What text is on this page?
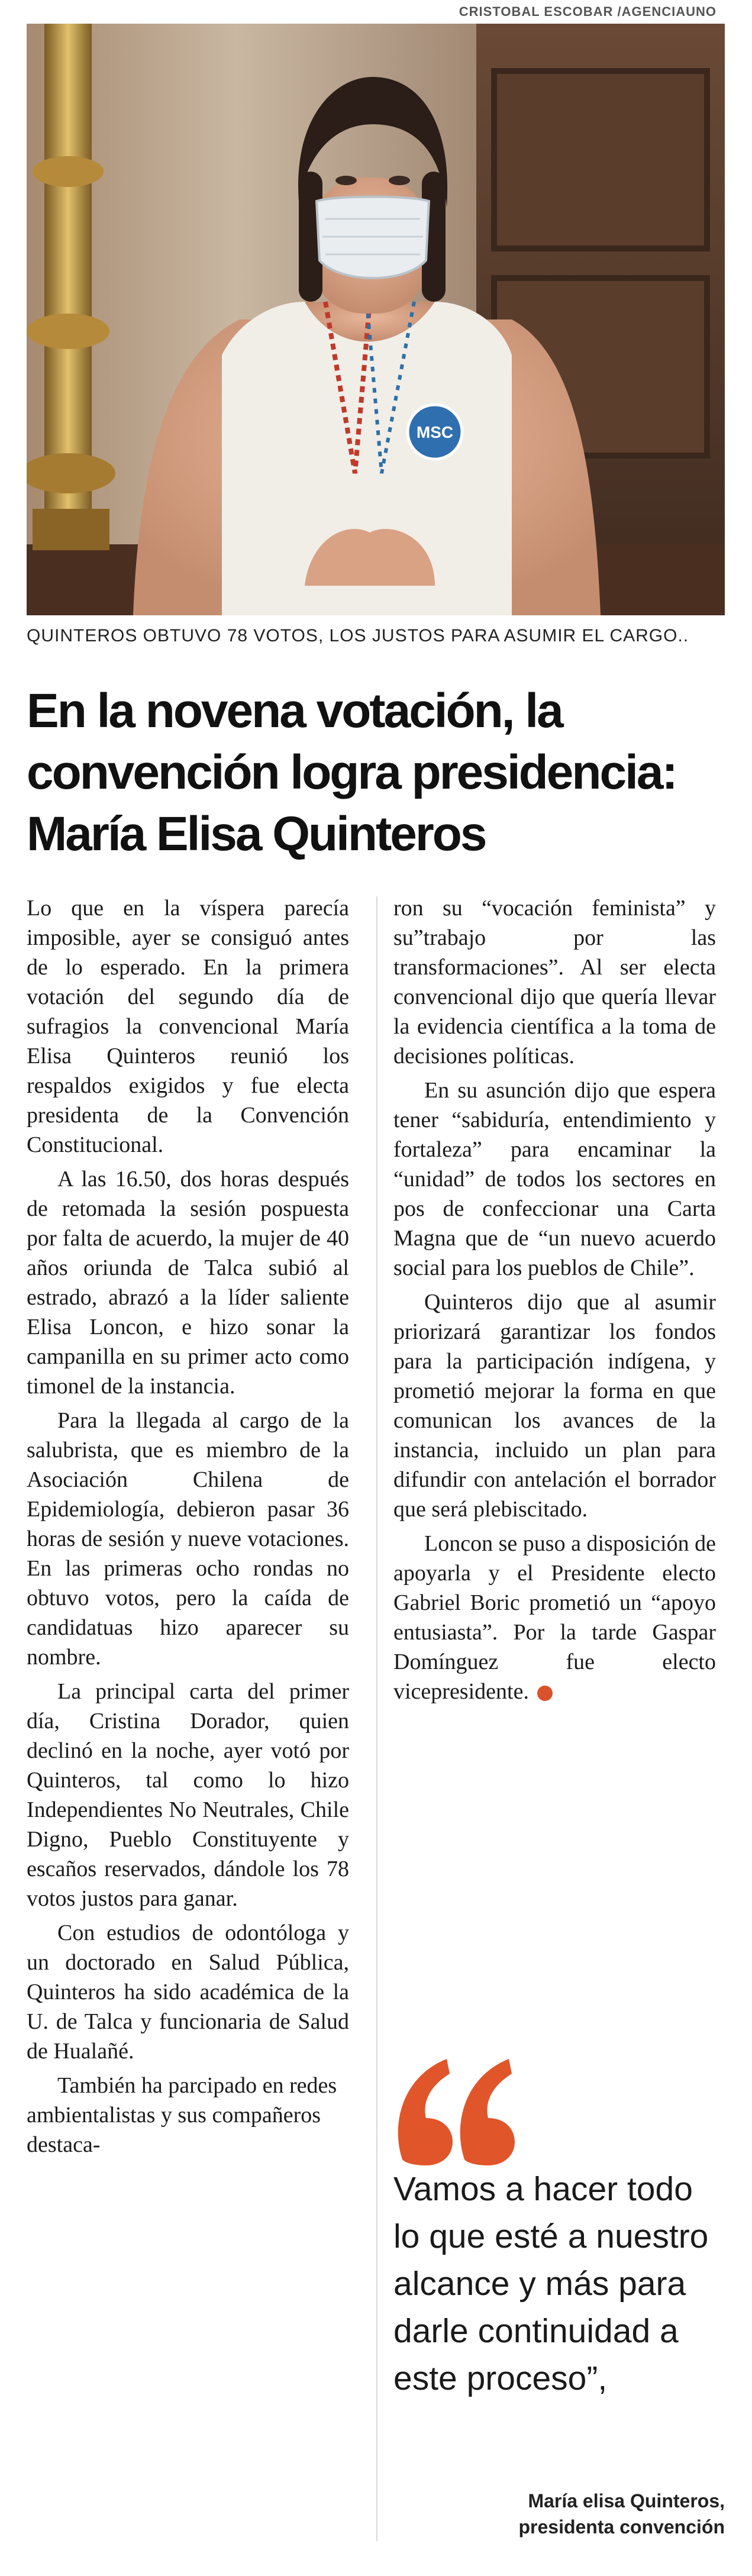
CRISTOBAL ESCOBAR /AGENCIAUNO
MSC
QUINTEROS OBTUVO 78 VOTOS, LOS JUSTOS PARA ASUMIR EL CARGO..
En la novena votación, la convención logra presidencia: María Elisa Quinteros

Lo que en la víspera parecía imposible, ayer se consiguó antes de lo esperado. En la primera votación del segundo día de sufragios la convencional María Elisa Quinteros reunió los respaldos exigidos y fue electa presidenta de la Convención Constitucional.

A las 16.50, dos horas después de retomada la sesión pospuesta por falta de acuerdo, la mujer de 40 años oriunda de Talca subió al estrado, abrazó a la líder saliente Elisa Loncon, e hizo sonar la campanilla en su primer acto como timonel de la instancia.

Para la llegada al cargo de la salubrista, que es miembro de la Asociación Chilena de Epidemiología, debieron pasar 36 horas de sesión y nueve votaciones. En las primeras ocho rondas no obtuvo votos, pero la caída de candidatuas hizo aparecer su nombre.

La principal carta del primer día, Cristina Dorador, quien declinó en la noche, ayer votó por Quinteros, tal como lo hizo Independientes No Neutrales, Chile Digno, Pueblo Constituyente y escaños reservados, dándole los 78 votos justos para ganar.

Con estudios de odontóloga y un doctorado en Salud Pública, Quinteros ha sido académica de la U. de Talca y funcionaria de Salud de Hualañé.

También ha parcipado en redes ambientalistas y sus compañeros destaca-

ron su “vocación feminista” y su”trabajo por las transformaciones”. Al ser electa convencional dijo que quería llevar la evidencia científica a la toma de decisiones políticas.

En su asunción dijo que espera tener “sabiduría, entendimiento y fortaleza” para encaminar la “unidad” de todos los sectores en pos de confeccionar una Carta Magna que de “un nuevo acuerdo social para los pueblos de Chile”.

Quinteros dijo que al asumir priorizará garantizar los fondos para la participación indígena, y prometió mejorar la forma en que comunican los avances de la instancia, incluido un plan para difundir con antelación el borrador que será plebiscitado.

Loncon se puso a disposición de apoyarla y el Presidente electo Gabriel Boric prometió un “apoyo entusiasta”. Por la tarde Gaspar Domínguez fue electo vicepresidente.	✪

Vamos a hacer todo lo que esté a nuestro alcance y más para darle continuidad a este proceso”,
María elisa Quinteros,
presidenta convención
